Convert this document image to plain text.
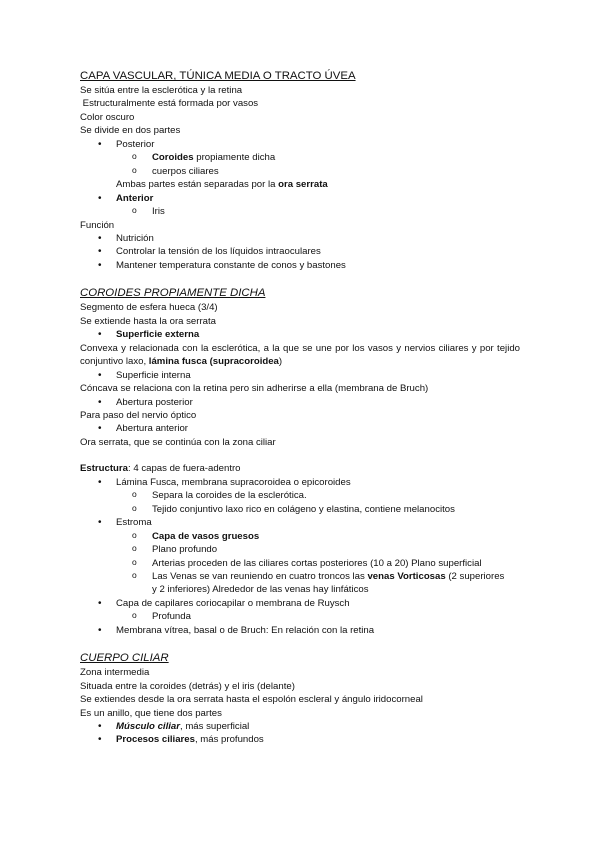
CAPA VASCULAR, TÚNICA MEDIA O TRACTO ÚVEA
Se sitúa entre la esclerótica y la retina
Estructuralmente está formada por vasos
Color oscuro
Se divide en dos partes
• Posterior
o Coroides propiamente dicha
o cuerpos ciliares
Ambas partes están separadas por la ora serrata
• Anterior
o Iris
Función
• Nutrición
• Controlar la tensión de los líquidos intraoculares
• Mantener temperatura constante de conos y bastones
COROIDES PROPIAMENTE DICHA
Segmento de esfera hueca (3/4)
Se extiende hasta la ora serrata
• Superficie externa
Convexa y relacionada con la esclerótica, a la que se une por los vasos y nervios ciliares y por tejido conjuntivo laxo, lámina fusca (supracoroidea)
• Superficie interna
Cóncava se relaciona con la retina pero sin adherirse a ella (membrana de Bruch)
• Abertura posterior
Para paso del nervio óptico
• Abertura anterior
Ora serrata, que se continúa con la zona ciliar
Estructura: 4 capas de fuera-adentro
• Lámina Fusca, membrana supracoroidea o epicoroides
o Separa la coroides de la esclerótica.
o Tejido conjuntivo laxo rico en colágeno y elastina, contiene melanocitos
• Estroma
o Capa de vasos gruesos
o Plano profundo
o Arterias proceden de las ciliares cortas posteriores (10 a 20) Plano superficial
o Las Venas se van reuniendo en cuatro troncos las venas Vorticosas (2 superiores
y 2 inferiores) Alrededor de las venas hay linfáticos
• Capa de capilares coriocapilar o membrana de Ruysch
o Profunda
• Membrana vítrea, basal o de Bruch: En relación con la retina
CUERPO CILIAR
Zona intermedia
Situada entre la coroides (detrás) y el iris (delante)
Se extiendes desde la ora serrata hasta el espolón escleral y ángulo iridocorneal
Es un anillo, que tiene dos partes
• Músculo ciliar, más superficial
• Procesos ciliares, más profundos
